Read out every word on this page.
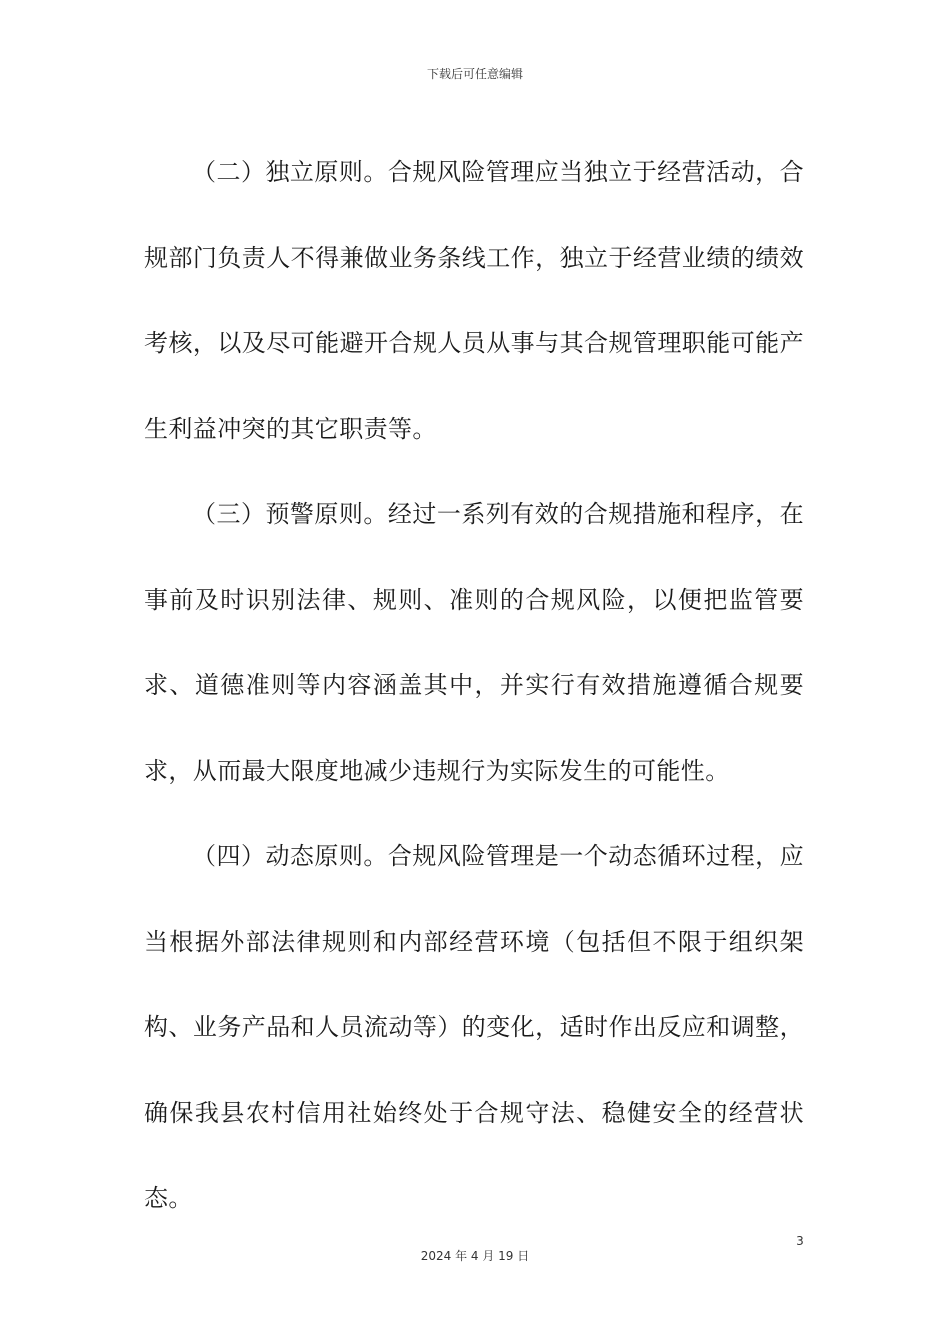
下载后可任意编辑

（二）独立原则。合规风险管理应当独立于经营活动，合规部门负责人不得兼做业务条线工作，独立于经营业绩的绩效考核，以及尽可能避开合规人员从事与其合规管理职能可能产生利益冲突的其它职责等。

（三）预警原则。经过一系列有效的合规措施和程序，在事前及时识别法律、规则、准则的合规风险，以便把监管要求、道德准则等内容涵盖其中，并实行有效措施遵循合规要求，从而最大限度地减少违规行为实际发生的可能性。

（四）动态原则。合规风险管理是一个动态循环过程，应当根据外部法律规则和内部经营环境（包括但不限于组织架构、业务产品和人员流动等）的变化，适时作出反应和调整，确保我县农村信用社始终处于合规守法、稳健安全的经营状态。

3
2024 年 4 月 19 日
